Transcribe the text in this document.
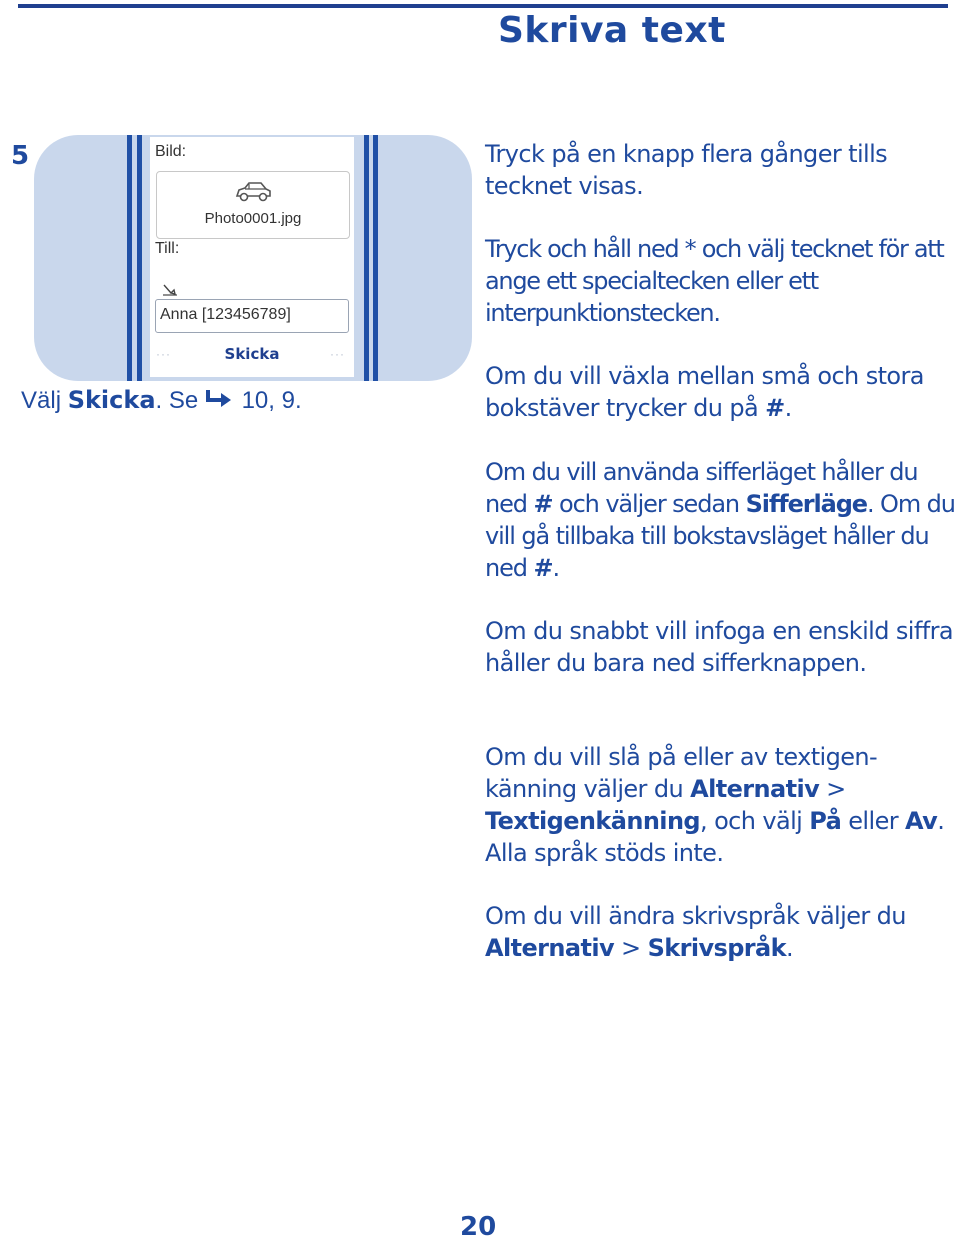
Skriva text
5	Bild:
Photo0001.jpg
Till:
Anna [123456789]
···	Skicka	···
Välj Skicka. Se  10, 9.
Tryck på en knapp flera gånger tills tecknet visas.
Tryck och håll ned * och välj tecknet för att ange ett specialtecken eller ett interpunktionstecken.
Om du vill växla mellan små och stora bokstäver trycker du på #.
Om du vill använda sifferläget håller du ned # och väljer sedan Sifferläge. Om du vill gå tillbaka till bokstavsläget håller du ned #.
Om du snabbt vill infoga en enskild siffra håller du bara ned sifferknappen.
Om du vill slå på eller av textigen-känning väljer du Alternativ > Textigenkänning, och välj På eller Av. Alla språk stöds inte.
Om du vill ändra skrivspråk väljer du Alternativ > Skrivspråk.
20
